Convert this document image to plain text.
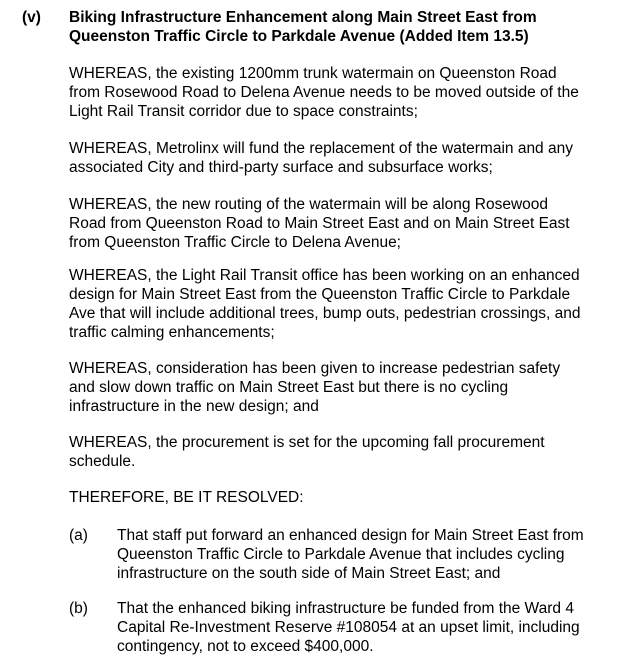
(v) Biking Infrastructure Enhancement along Main Street East from
Queenston Traffic Circle to Parkdale Avenue (Added Item 13.5)
WHEREAS, the existing 1200mm trunk watermain on Queenston Road
from Rosewood Road to Delena Avenue needs to be moved outside of the
Light Rail Transit corridor due to space constraints;
WHEREAS, Metrolinx will fund the replacement of the watermain and any
associated City and third-party surface and subsurface works;
WHEREAS, the new routing of the watermain will be along Rosewood
Road from Queenston Road to Main Street East and on Main Street East
from Queenston Traffic Circle to Delena Avenue;
WHEREAS, the Light Rail Transit office has been working on an enhanced
design for Main Street East from the Queenston Traffic Circle to Parkdale
Ave that will include additional trees, bump outs, pedestrian crossings, and
traffic calming enhancements;
WHEREAS, consideration has been given to increase pedestrian safety
and slow down traffic on Main Street East but there is no cycling
infrastructure in the new design; and
WHEREAS, the procurement is set for the upcoming fall procurement
schedule.
THEREFORE, BE IT RESOLVED:
(a) That staff put forward an enhanced design for Main Street East from
Queenston Traffic Circle to Parkdale Avenue that includes cycling
infrastructure on the south side of Main Street East; and
(b) That the enhanced biking infrastructure be funded from the Ward 4
Capital Re-Investment Reserve #108054 at an upset limit, including
contingency, not to exceed $400,000.
